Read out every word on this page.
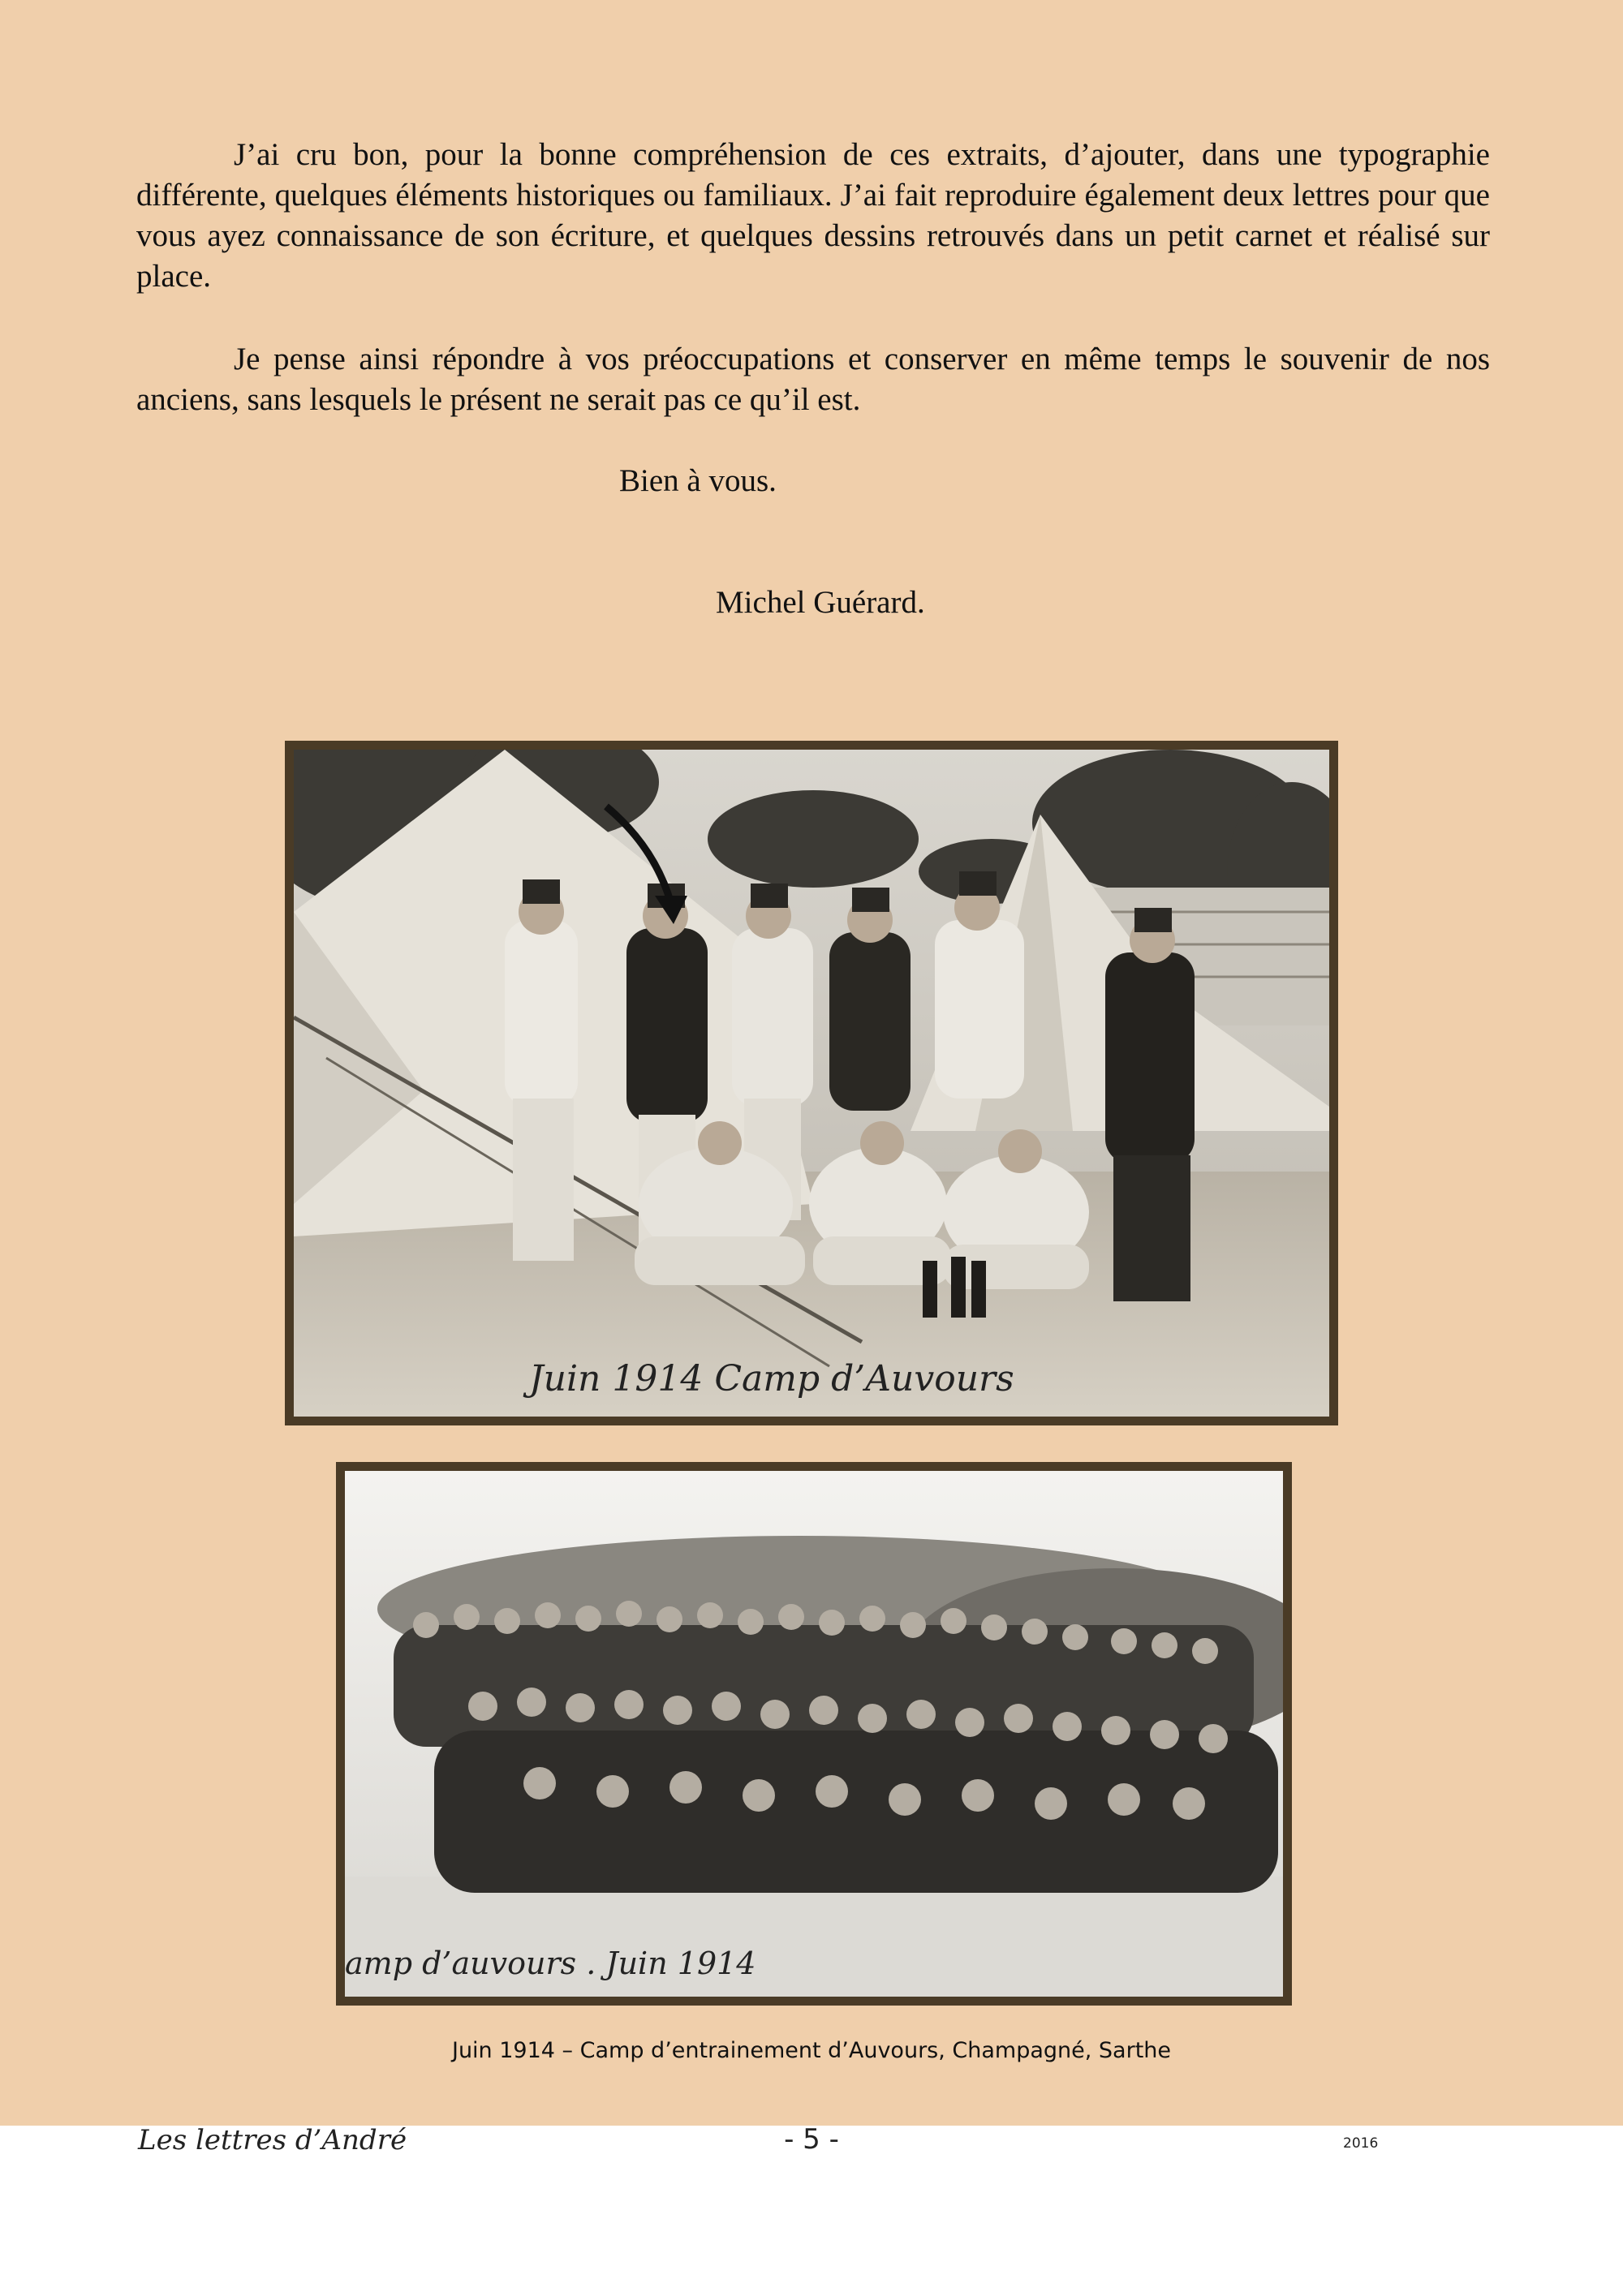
J’ai cru bon, pour la bonne compréhension de ces extraits, d’ajouter, dans une typographie différente, quelques éléments historiques ou familiaux. J’ai fait reproduire également deux lettres pour que vous ayez connaissance de son écriture, et quelques dessins retrouvés dans un petit carnet et réalisé sur place.

Je pense ainsi répondre à vos préoccupations et conserver en même temps le souvenir de nos anciens, sans lesquels le présent ne serait pas ce qu’il est.

Bien à vous.
Michel Guérard.
Juin 1914 Camp d’Auvours
amp d’auvours . Juin 1914
Juin 1914 – Camp d’entrainement d’Auvours, Champagné, Sarthe
Les lettres d’André	- 5 -	2016
